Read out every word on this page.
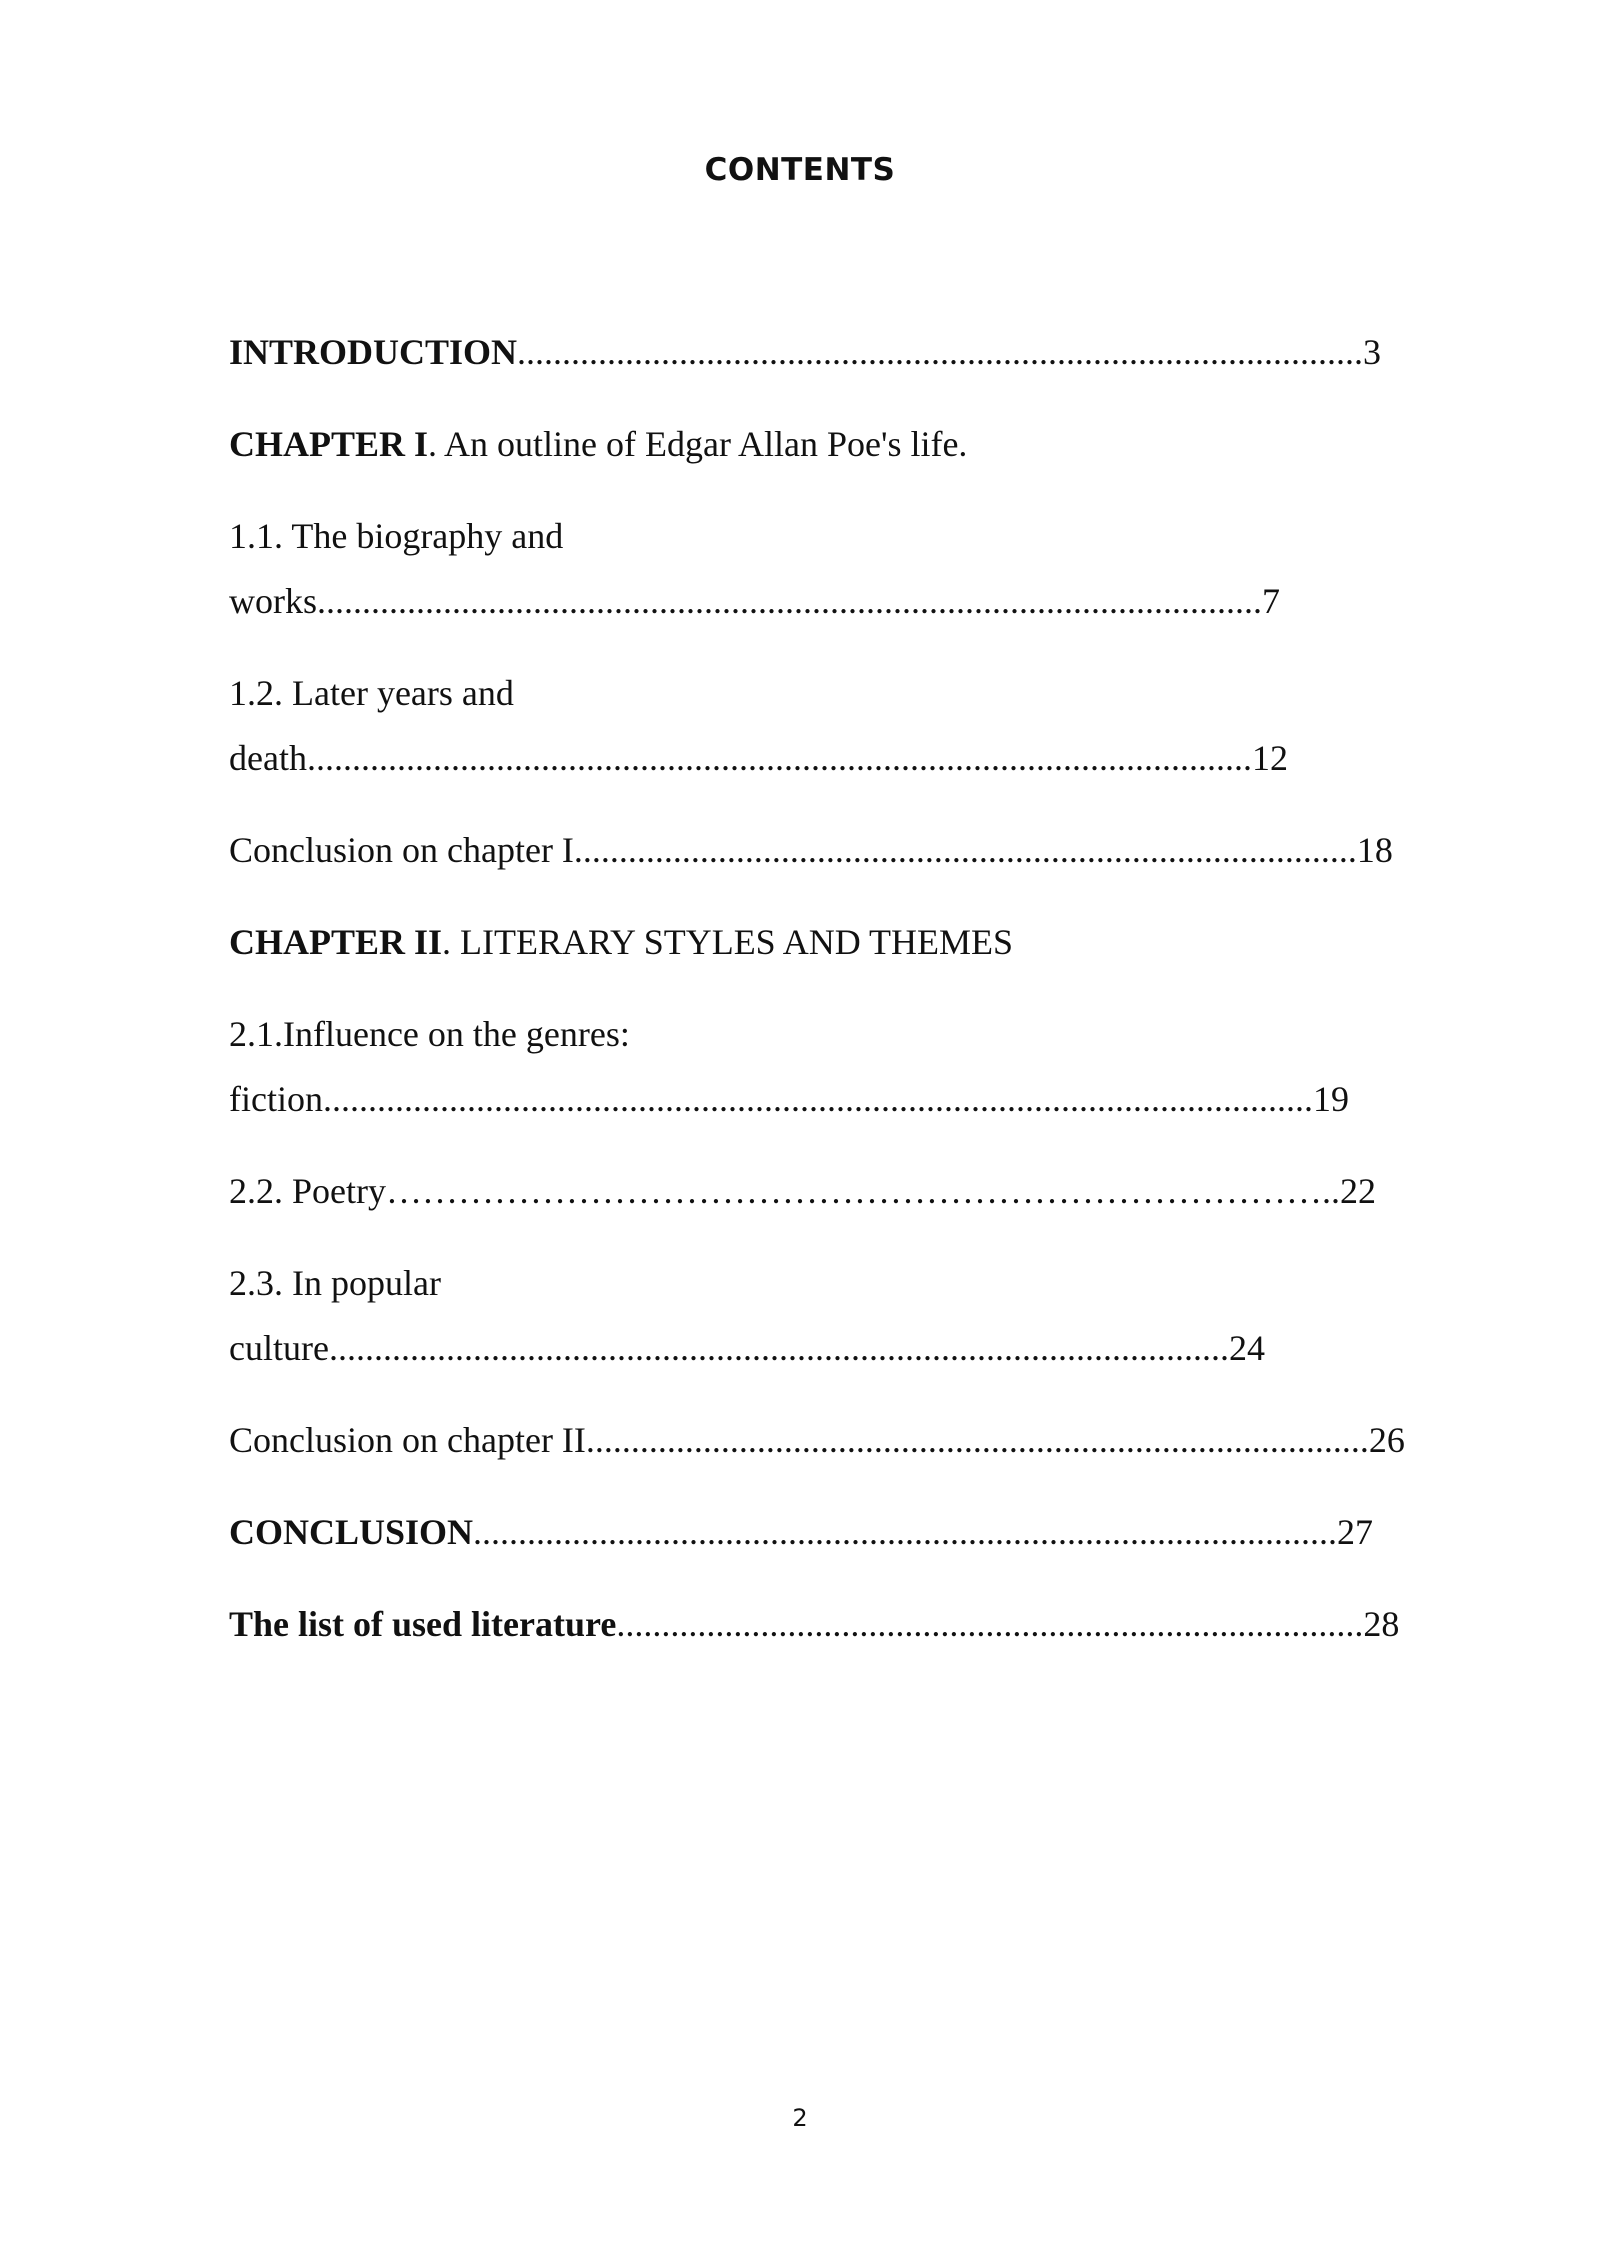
CONTENTS
INTRODUCTION..............................................................................................3
CHAPTER I. An outline of Edgar Allan Poe's life.
1.1. The biography and
works.........................................................................................................7
1.2. Later years and
death.........................................................................................................12
Conclusion on chapter I.......................................................................................18
CHAPTER II. LITERARY STYLES AND THEMES
2.1.Influence on the genres:
fiction..............................................................................................................19
2.2. Poetry……………………………………………………………………..22
2.3. In popular
culture....................................................................................................24
Conclusion on chapter II.......................................................................................26
CONCLUSION................................................................................................27
The list of used literature...................................................................................28
2
